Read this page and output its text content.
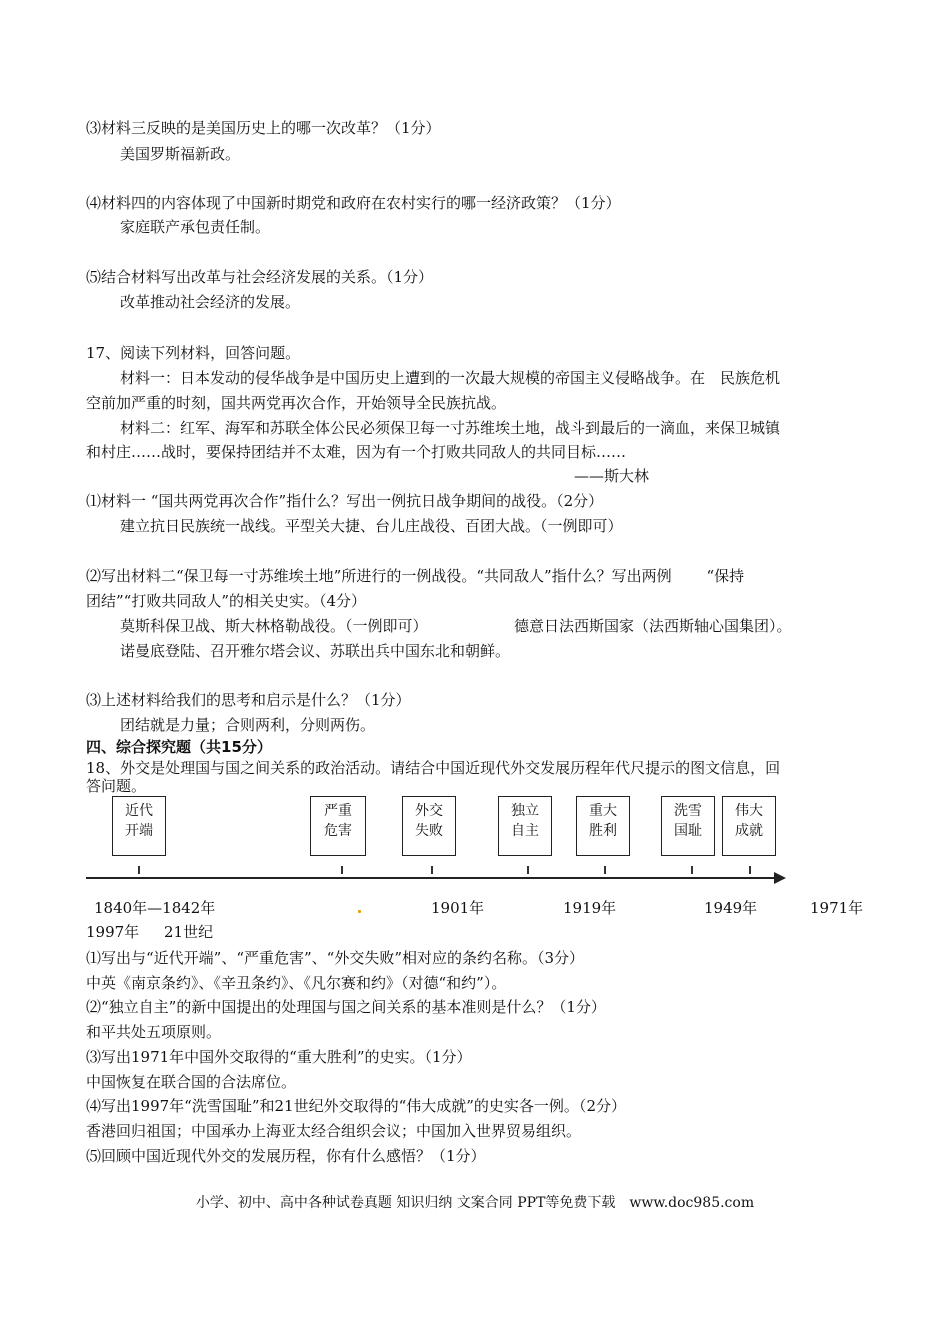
⑶材料三反映的是美国历史上的哪一次改革？（1分）
美国罗斯福新政。
⑷材料四的内容体现了中国新时期党和政府在农村实行的哪一经济政策？（1分）
家庭联产承包责任制。
⑸结合材料写出改革与社会经济发展的关系。（1分）
改革推动社会经济的发展。
17、阅读下列材料，回答问题。
材料一：日本发动的侵华战争是中国历史上遭到的一次最大规模的帝国主义侵略战争。在　民族危机
空前加严重的时刻，国共两党再次合作，开始领导全民族抗战。
材料二：红军、海军和苏联全体公民必须保卫每一寸苏维埃土地，战斗到最后的一滴血，来保卫城镇
和村庄……战时，要保持团结并不太难，因为有一个打败共同敌人的共同目标……
——斯大林
⑴材料一 “国共两党再次合作”指什么？写出一例抗日战争期间的战役。（2分）
建立抗日民族统一战线。平型关大捷、台儿庄战役、百团大战。（一例即可）
⑵写出材料二“保卫每一寸苏维埃土地”所进行的一例战役。“共同敌人”指什么？写出两例　　 “保持
团结”“打败共同敌人”的相关史实。（4分）
莫斯科保卫战、斯大林格勒战役。（一例即可）	德意日法西斯国家（法西斯轴心国集团）。
诺曼底登陆、召开雅尔塔会议、苏联出兵中国东北和朝鲜。
⑶上述材料给我们的思考和启示是什么？（1分）
团结就是力量；合则两利，分则两伤。
四、综合探究题（共15分）
18、外交是处理国与国之间关系的政治活动。请结合中国近现代外交发展历程年代尺提示的图文信息，回
答问题。
近代
开端
严重
危害
外交
失败
独立
自主
重大
胜利
洗雪
国耻
伟大
成就
1840年—1842年	1901年	1919年	1949年	1971年
1997年 21世纪
⑴写出与“近代开端”、“严重危害”、“外交失败”相对应的条约名称。（3分）
中英《南京条约》、《辛丑条约》、《凡尔赛和约》（对德“和约”）。
⑵“独立自主”的新中国提出的处理国与国之间关系的基本准则是什么？（1分）
和平共处五项原则。
⑶写出1971年中国外交取得的“重大胜利”的史实。（1分）
中国恢复在联合国的合法席位。
⑷写出1997年“洗雪国耻”和21世纪外交取得的“伟大成就”的史实各一例。（2分）
香港回归祖国；中国承办上海亚太经合组织会议；中国加入世界贸易组织。
⑸回顾中国近现代外交的发展历程，你有什么感悟？（1分）
小学、初中、高中各种试卷真题 知识归纳 文案合同 PPT等免费下载　www.doc985.com
